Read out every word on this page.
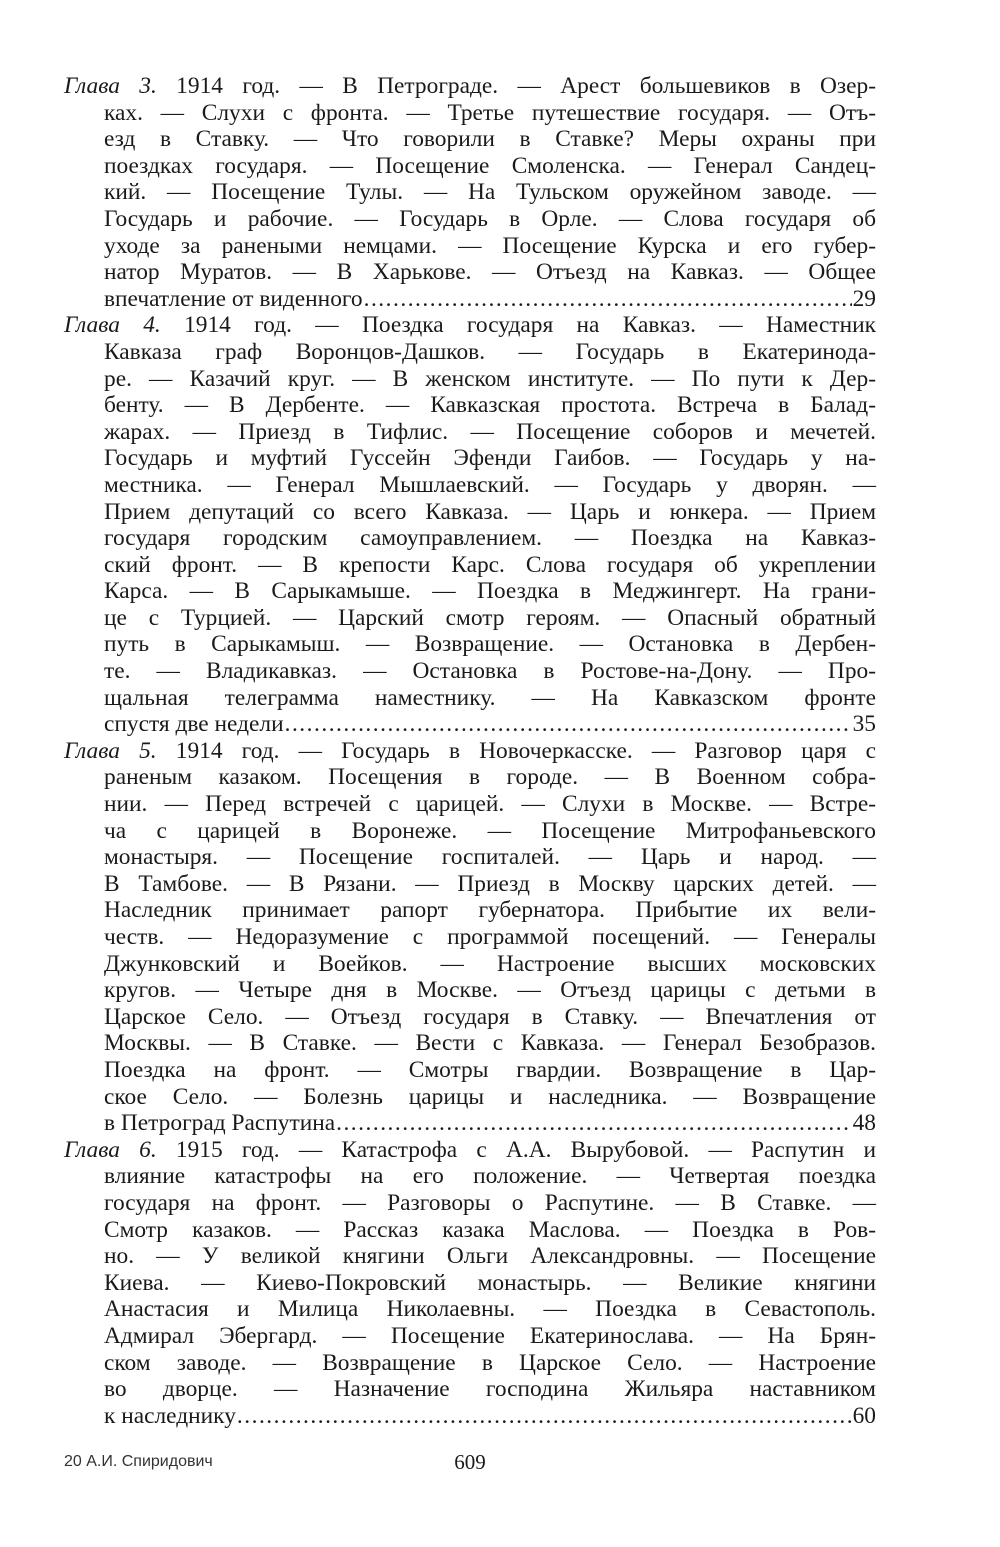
Глава 3. 1914 год. — В Петрограде. — Арест большевиков в Озер-
ках. — Слухи с фронта. — Третье путешествие государя. — Отъ-
езд в Ставку. — Что говорили в Ставке? Меры охраны при
поездках государя. — Посещение Смоленска. — Генерал Сандец-
кий. — Посещение Тулы. — На Тульском оружейном заводе. —
Государь и рабочие. — Государь в Орле. — Слова государя об
уходе за ранеными немцами. — Посещение Курска и его губер-
натор Муратов. — В Харькове. — Отъезд на Кавказ. — Общее
впечатление от виденного .....	29
Глава 4. 1914 год. — Поездка государя на Кавказ. — Наместник
Кавказа граф Воронцов-Дашков. — Государь в Екатеринода-
ре. — Казачий круг. — В женском институте. — По пути к Дер-
бенту. — В Дербенте. — Кавказская простота. Встреча в Балад-
жарах. — Приезд в Тифлис. — Посещение соборов и мечетей.
Государь и муфтий Гуссейн Эфенди Гаибов. — Государь у на-
местника. — Генерал Мышлаевский. — Государь у дворян. —
Прием депутаций со всего Кавказа. — Царь и юнкера. — Прием
государя городским самоуправлением. — Поездка на Кавказ-
ский фронт. — В крепости Карс. Слова государя об укреплении
Карса. — В Сарыкамыше. — Поездка в Меджингерт. На грани-
це с Турцией. — Царский смотр героям. — Опасный обратный
путь в Сарыкамыш. — Возвращение. — Остановка в Дербен-
те. — Владикавказ. — Остановка в Ростове-на-Дону. — Про-
щальная телеграмма наместнику. — На Кавказском фронте
спустя две недели .....	35
Глава 5. 1914 год. — Государь в Новочеркасске. — Разговор царя с
раненым казаком. Посещения в городе. — В Военном собра-
нии. — Перед встречей с царицей. — Слухи в Москве. — Встре-
ча с царицей в Воронеже. — Посещение Митрофаньевского
монастыря. — Посещение госпиталей. — Царь и народ. —
В Тамбове. — В Рязани. — Приезд в Москву царских детей. —
Наследник принимает рапорт губернатора. Прибытие их вели-
честв. — Недоразумение с программой посещений. — Генералы
Джунковский и Воейков. — Настроение высших московских
кругов. — Четыре дня в Москве. — Отъезд царицы с детьми в
Царское Село. — Отъезд государя в Ставку. — Впечатления от
Москвы. — В Ставке. — Вести с Кавказа. — Генерал Безобразов.
Поездка на фронт. — Смотры гвардии. Возвращение в Цар-
ское Село. — Болезнь царицы и наследника. — Возвращение
в Петроград Распутина .....	48
Глава 6. 1915 год. — Катастрофа с А.А. Вырубовой. — Распутин и
влияние катастрофы на его положение. — Четвертая поездка
государя на фронт. — Разговоры о Распутине. — В Ставке. —
Смотр казаков. — Рассказ казака Маслова. — Поездка в Ров-
но. — У великой княгини Ольги Александровны. — Посещение
Киева. — Киево-Покровский монастырь. — Великие княгини
Анастасия и Милица Николаевны. — Поездка в Севастополь.
Адмирал Эбергард. — Посещение Екатеринослава. — На Брян-
ском заводе. — Возвращение в Царское Село. — Настроение
во дворце. — Назначение господина Жильяра наставником
к наследнику .....	60
20 А.И. Спиридович	609
